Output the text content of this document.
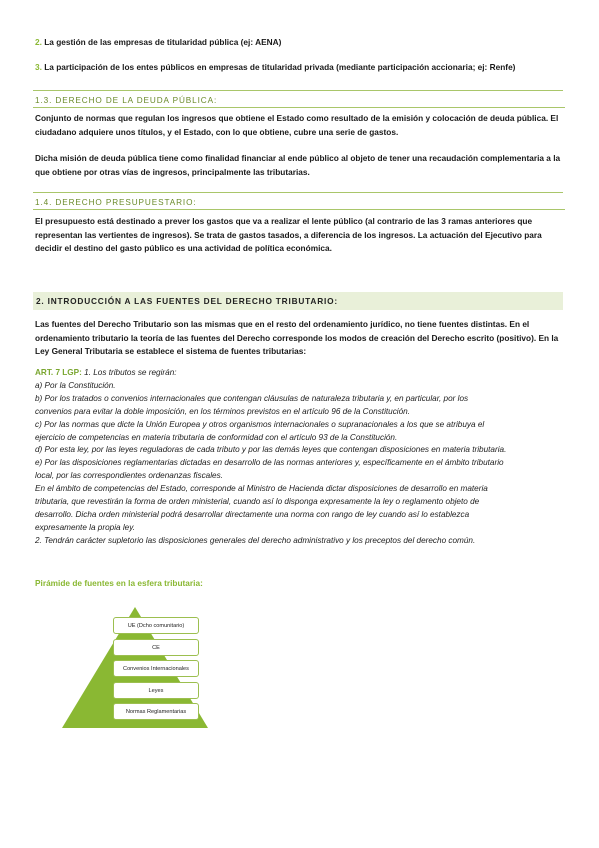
2. La gestión de las empresas de titularidad pública (ej: AENA)

3. La participación de los entes públicos en empresas de titularidad privada (mediante participación accionaria; ej: Renfe)

1.3. DERECHO DE LA DEUDA PÚBLICA:

Conjunto de normas que regulan los ingresos que obtiene el Estado como resultado de la emisión y colocación de deuda pública. El ciudadano adquiere unos títulos, y el Estado, con lo que obtiene, cubre una serie de gastos.

Dicha misión de deuda pública tiene como finalidad financiar al ende público al objeto de tener una recaudación complementaria a la que obtiene por otras vías de ingresos, principalmente las tributarias.

1.4. DERECHO PRESUPUESTARIO:

El presupuesto está destinado a prever los gastos que va a realizar el lente público (al contrario de las 3 ramas anteriores que representan las vertientes de ingresos). Se trata de gastos tasados, a diferencia de los ingresos. La actuación del Ejecutivo para decidir el destino del gasto público es una actividad de política económica.

2. INTRODUCCIÓN A LAS FUENTES DEL DERECHO TRIBUTARIO:

Las fuentes del Derecho Tributario son las mismas que en el resto del ordenamiento jurídico, no tiene fuentes distintas. En el ordenamiento tributario la teoría de las fuentes del Derecho corresponde los modos de creación del Derecho escrito (positivo). En la Ley General Tributaria se establece el sistema de fuentes tributarias:

ART. 7 LGP: 1. Los tributos se regirán:
a) Por la Constitución.
b) Por los tratados o convenios internacionales que contengan cláusulas de naturaleza tributaria y, en particular, por los
convenios para evitar la doble imposición, en los términos previstos en el artículo 96 de la Constitución.
c) Por las normas que dicte la Unión Europea y otros organismos internacionales o supranacionales a los que se atribuya el
ejercicio de competencias en materia tributaria de conformidad con el artículo 93 de la Constitución.
d) Por esta ley, por las leyes reguladoras de cada tributo y por las demás leyes que contengan disposiciones en materia tributaria.
e) Por las disposiciones reglamentarias dictadas en desarrollo de las normas anteriores y, específicamente en el ámbito tributario
local, por las correspondientes ordenanzas fiscales.
En el ámbito de competencias del Estado, corresponde al Ministro de Hacienda dictar disposiciones de desarrollo en materia
tributaria, que revestirán la forma de orden ministerial, cuando así lo disponga expresamente la ley o reglamento objeto de
desarrollo. Dicha orden ministerial podrá desarrollar directamente una norma con rango de ley cuando así lo establezca
expresamente la propia ley.
2. Tendrán carácter supletorio las disposiciones generales del derecho administrativo y los preceptos del derecho común.
Pirámide de fuentes en la esfera tributaria:
UE (Dcho comunitario)
CE
Convenios Internacionales
Leyes
Normas Reglamentarias
